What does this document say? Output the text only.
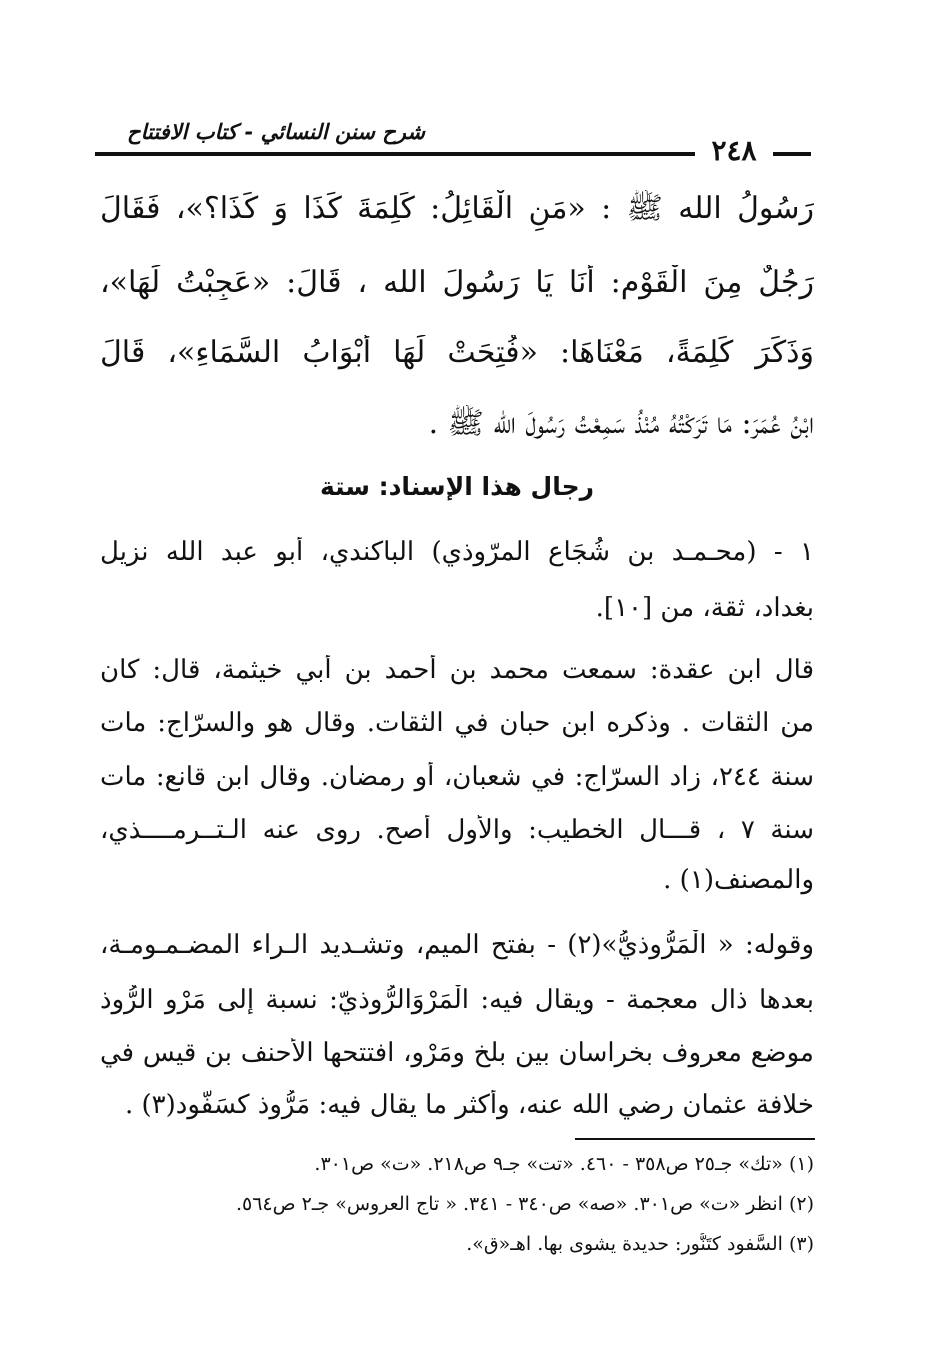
شرح سنن النسائي - كتاب الافتتاح
٢٤٨
رَسُولُ الله ﷺ : «مَنِ الْقَائِلُ: كَلِمَةَ كَذَا وَ كَذَا؟»، فَقَالَ
رَجُلٌ مِنَ الْقَوْمِ: أَنَا يَا رَسُولَ الله ، قَالَ: «عَجِبْتُ لَهَا»،
وَذَكَرَ كَلِمَةً، مَعْنَاهَا: «فُتِحَتْ لَهَا أَبْوَابُ السَّمَاءِ»، قَالَ
ابْنُ عُمَرَ: مَا تَرَكْتُهُ مُنْذُ سَمِعْتُ رَسُولَ الله ﷺ .
رجال هذا الإسناد: ستة
١ - (محـمـد بن شُجَاع المرّوذي) الباكندي، أبو عبد الله نزيل
بغداد، ثقة، من [١٠].
قال ابن عقدة: سمعت محمد بن أحمد بن أبي خيثمة، قال: كان
من الثقات . وذكره ابن حبان في الثقات. وقال هو والسرّاج: مات
سنة ٢٤٤، زاد السرّاج: في شعبان، أو رمضان. وقال ابن قانع: مات
سنة ٧ ، قـــال الخطيب: والأول أصح. روى عنه الـتــرمــــذي،
والمصنف(١) .
وقوله: « الْمَرُّوذيُّ»(٢) - بفتح الميم، وتشـديد الـراء المضـمـومـة،
بعدها ذال معجمة - ويقال فيه: الْمَرْوَالرُّوذيّ: نسبة إلى مَرْو الرُّوذ
موضع معروف بخراسان بين بلخ ومَرْو، افتتحها الأحنف بن قيس في
خلافة عثمان رضي الله عنه، وأكثر ما يقال فيه: مَرُّوذ كسَفُّود(٣) .
(١) «تك» جـ٢٥ ص٣٥٨ - ٤٦٠. «تت» جـ٩ ص٢١٨. «ت» ص٣٠١.
(٢) انظر «ت» ص٣٠١. «صه» ص٣٤٠ - ٣٤١. « تاج العروس» جـ٢ ص٥٦٤.
(٣) السَّفود كتَنُّور: حديدة يشوى بها. اهـ«ق».
